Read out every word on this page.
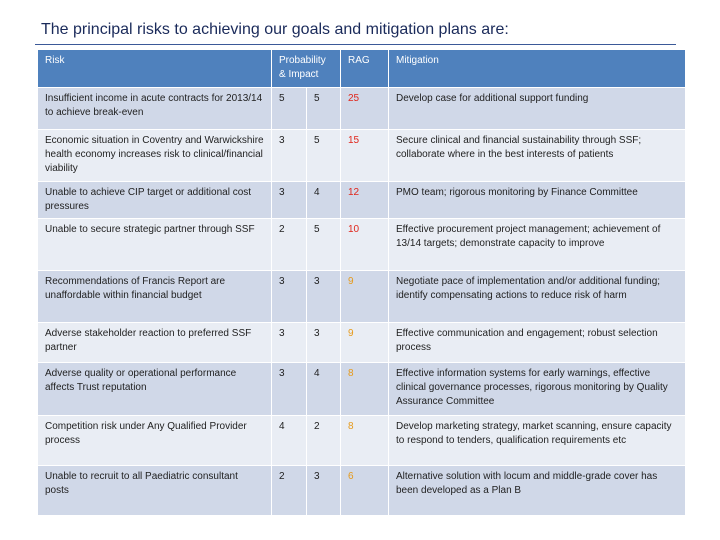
The principal risks to achieving our goals and mitigation plans are:
Risk	Probability & Impact		RAG	Mitigation
Insufficient income in acute contracts for 2013/14 to achieve break-even	5	5	25	Develop case for additional support funding
Economic situation in Coventry and Warwickshire health economy increases risk to clinical/financial viability	3	5	15	Secure clinical and financial sustainability through SSF; collaborate where in the best interests of patients
Unable to achieve CIP target or additional cost pressures	3	4	12	PMO team; rigorous monitoring by Finance Committee
Unable to secure strategic partner through SSF	2	5	10	Effective procurement project management; achievement of 13/14 targets; demonstrate capacity to improve
Recommendations of Francis Report are unaffordable within financial budget	3	3	9	Negotiate pace of implementation and/or additional funding; identify compensating actions to reduce risk of harm
Adverse stakeholder reaction to preferred SSF partner	3	3	9	Effective communication and engagement; robust selection process
Adverse quality or operational performance affects Trust reputation	3	4	8	Effective information systems for early warnings, effective clinical governance processes, rigorous monitoring by Quality Assurance Committee
Competition risk under Any Qualified Provider process	4	2	8	Develop marketing strategy, market scanning, ensure capacity to respond to tenders, qualification requirements etc
Unable to recruit to all Paediatric consultant posts	2	3	6	Alternative solution with locum and middle-grade cover has been developed as a Plan B
